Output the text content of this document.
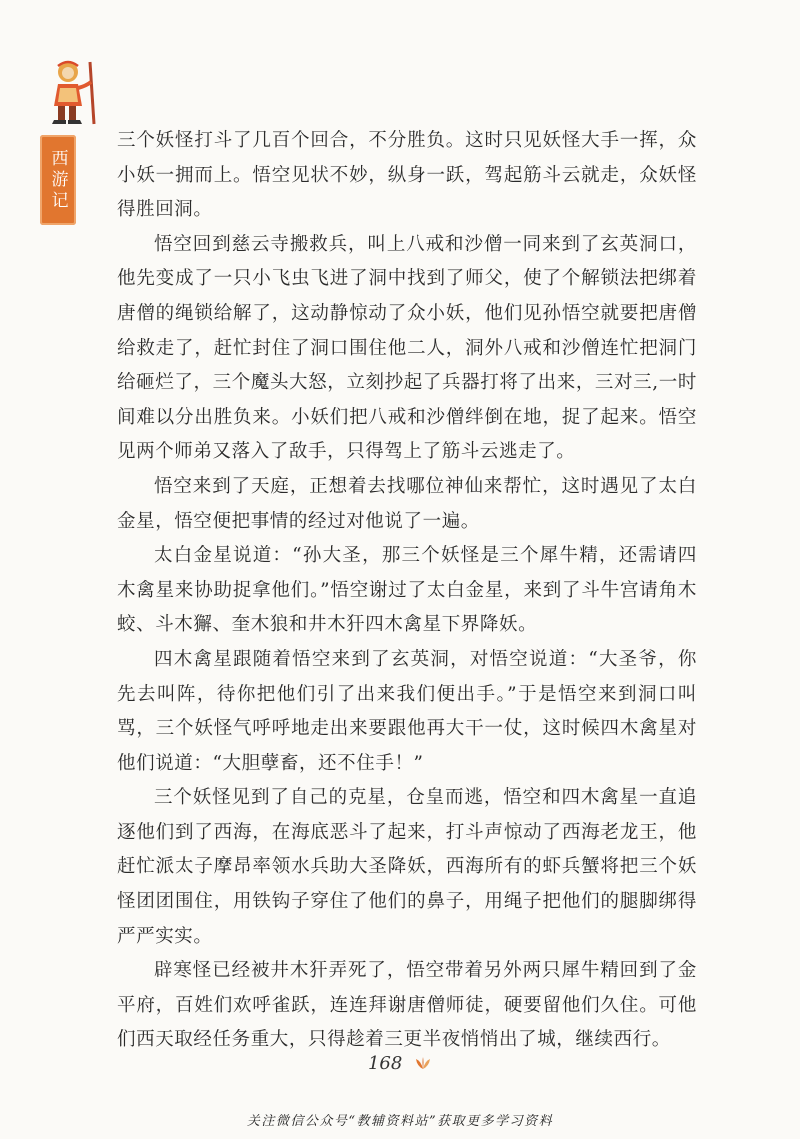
西游记

三个妖怪打斗了几百个回合，不分胜负。这时只见妖怪大手一挥，众小妖一拥而上。悟空见状不妙，纵身一跃，驾起筋斗云就走，众妖怪得胜回洞。

悟空回到慈云寺搬救兵，叫上八戒和沙僧一同来到了玄英洞口，他先变成了一只小飞虫飞进了洞中找到了师父，使了个解锁法把绑着唐僧的绳锁给解了，这动静惊动了众小妖，他们见孙悟空就要把唐僧给救走了，赶忙封住了洞口围住他二人，洞外八戒和沙僧连忙把洞门给砸烂了，三个魔头大怒，立刻抄起了兵器打将了出来，三对三,一时间难以分出胜负来。小妖们把八戒和沙僧绊倒在地，捉了起来。悟空见两个师弟又落入了敌手，只得驾上了筋斗云逃走了。

悟空来到了天庭，正想着去找哪位神仙来帮忙，这时遇见了太白金星，悟空便把事情的经过对他说了一遍。

太白金星说道：“孙大圣，那三个妖怪是三个犀牛精，还需请四木禽星来协助捉拿他们。”悟空谢过了太白金星，来到了斗牛宫请角木蛟、斗木獬、奎木狼和井木犴四木禽星下界降妖。

四木禽星跟随着悟空来到了玄英洞，对悟空说道：“大圣爷，你先去叫阵，待你把他们引了出来我们便出手。”于是悟空来到洞口叫骂，三个妖怪气呼呼地走出来要跟他再大干一仗，这时候四木禽星对他们说道：“大胆孽畜，还不住手！”

三个妖怪见到了自己的克星，仓皇而逃，悟空和四木禽星一直追逐他们到了西海，在海底恶斗了起来，打斗声惊动了西海老龙王，他赶忙派太子摩昂率领水兵助大圣降妖，西海所有的虾兵蟹将把三个妖怪团团围住，用铁钩子穿住了他们的鼻子，用绳子把他们的腿脚绑得严严实实。

辟寒怪已经被井木犴弄死了，悟空带着另外两只犀牛精回到了金平府，百姓们欢呼雀跃，连连拜谢唐僧师徒，硬要留他们久住。可他们西天取经任务重大，只得趁着三更半夜悄悄出了城，继续西行。

168
关注微信公众号“教辅资料站”获取更多学习资料
